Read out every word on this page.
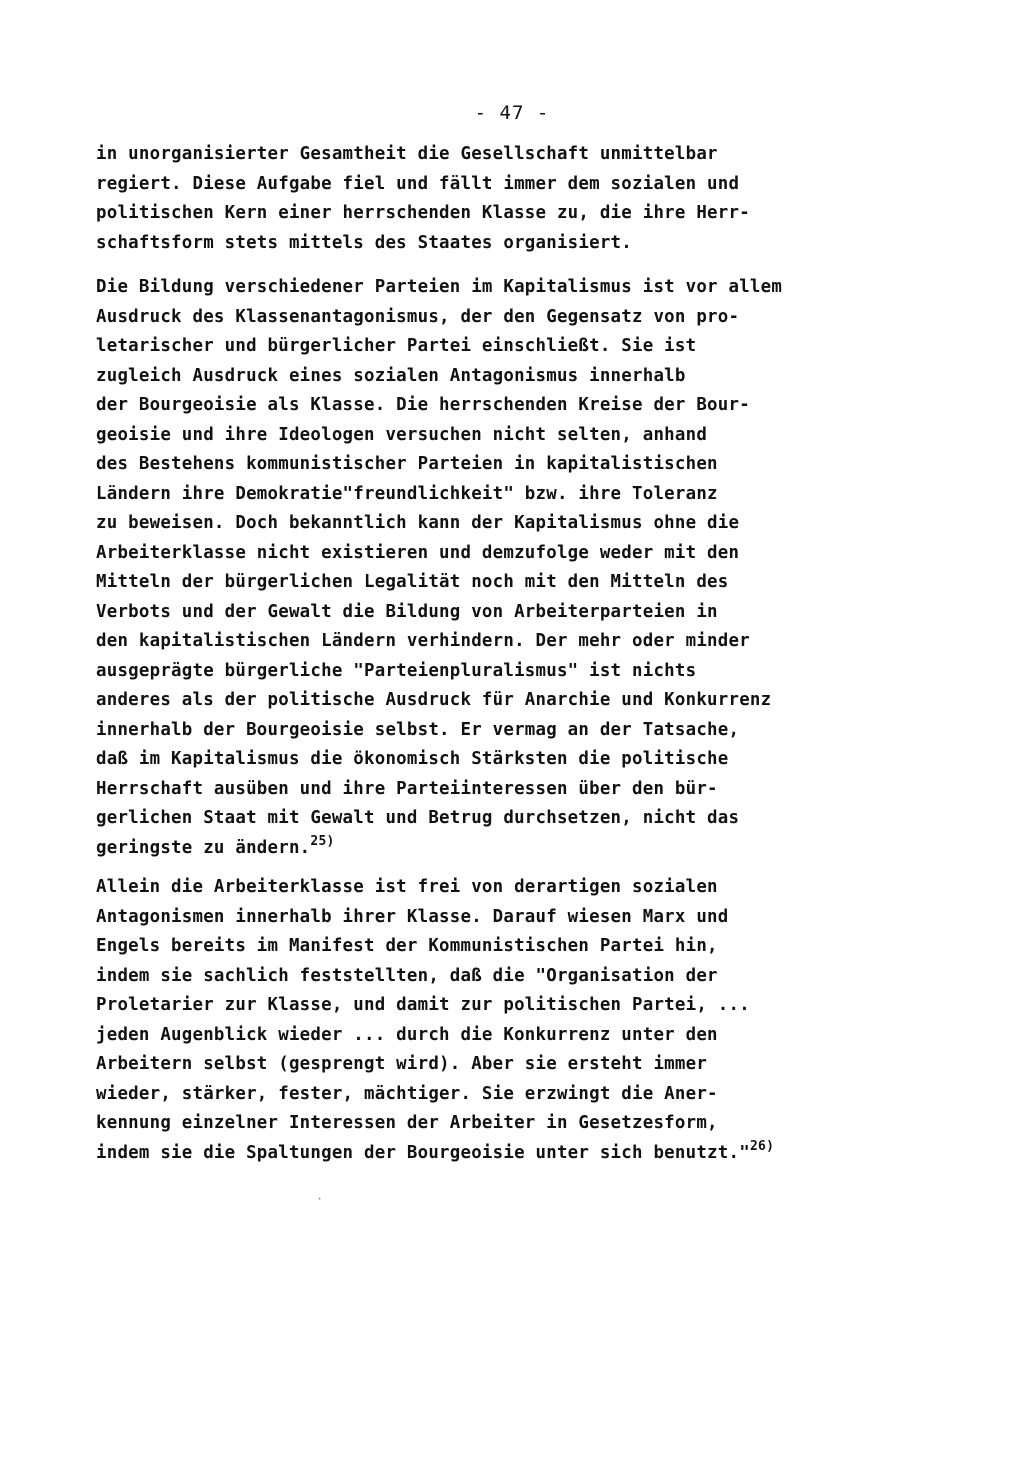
- 47 -

in unorganisierter Gesamtheit die Gesellschaft unmittelbar
regiert. Diese Aufgabe fiel und fällt immer dem sozialen und
politischen Kern einer herrschenden Klasse zu, die ihre Herr-
schaftsform stets mittels des Staates organisiert.
Die Bildung verschiedener Parteien im Kapitalismus ist vor allem
Ausdruck des Klassenantagonismus, der den Gegensatz von pro-
letarischer und bürgerlicher Partei einschließt. Sie ist
zugleich Ausdruck eines sozialen Antagonismus innerhalb
der Bourgeoisie als Klasse. Die herrschenden Kreise der Bour-
geoisie und ihre Ideologen versuchen nicht selten, anhand
des Bestehens kommunistischer Parteien in kapitalistischen
Ländern ihre Demokratie"freundlichkeit" bzw. ihre Toleranz
zu beweisen. Doch bekanntlich kann der Kapitalismus ohne die
Arbeiterklasse nicht existieren und demzufolge weder mit den
Mitteln der bürgerlichen Legalität noch mit den Mitteln des
Verbots und der Gewalt die Bildung von Arbeiterparteien in
den kapitalistischen Ländern verhindern. Der mehr oder minder
ausgeprägte bürgerliche "Parteienpluralismus" ist nichts
anderes als der politische Ausdruck für Anarchie und Konkurrenz
innerhalb der Bourgeoisie selbst. Er vermag an der Tatsache,
daß im Kapitalismus die ökonomisch Stärksten die politische
Herrschaft ausüben und ihre Parteiinteressen über den bür-
gerlichen Staat mit Gewalt und Betrug durchsetzen, nicht das
geringste zu ändern.$^{25)}$
Allein die Arbeiterklasse ist frei von derartigen sozialen
Antagonismen innerhalb ihrer Klasse. Darauf wiesen Marx und
Engels bereits im Manifest der Kommunistischen Partei hin,
indem sie sachlich feststellten, daß die "Organisation der
Proletarier zur Klasse, und damit zur politischen Partei, ...
jeden Augenblick wieder ... durch die Konkurrenz unter den
Arbeitern selbst (gesprengt wird). Aber sie ersteht immer
wieder, stärker, fester, mächtiger. Sie erzwingt die Aner-
kennung einzelner Interessen der Arbeiter in Gesetzesform,
indem sie die Spaltungen der Bourgeoisie unter sich benutzt."$^{26)}$
·
